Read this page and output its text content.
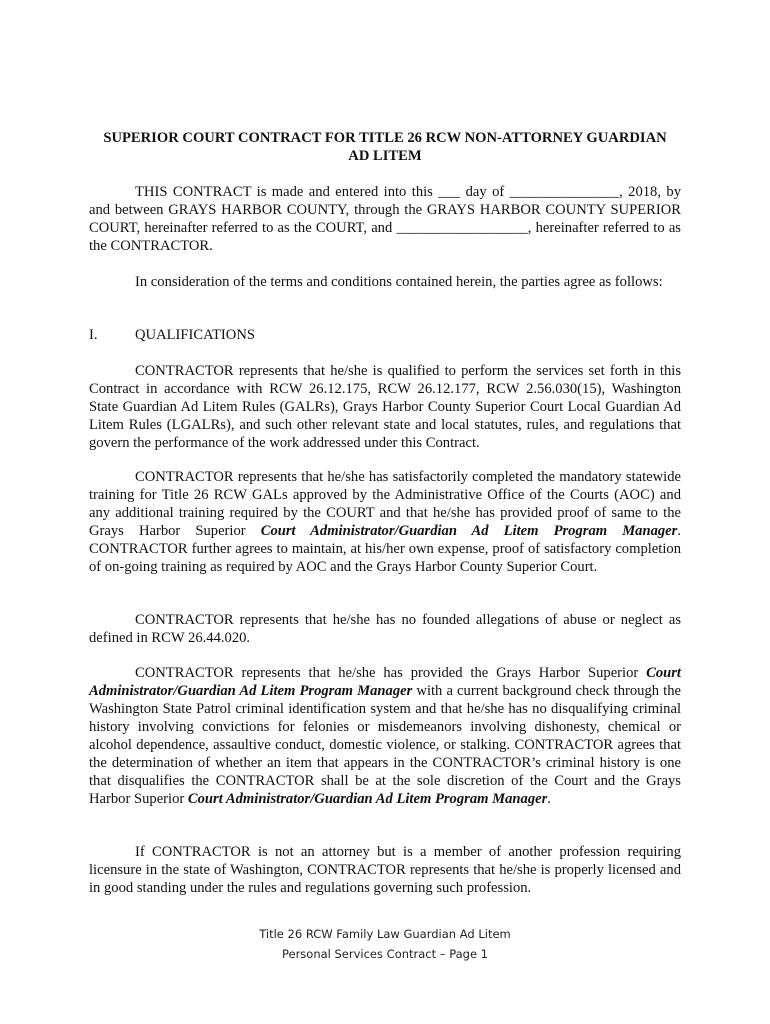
SUPERIOR COURT CONTRACT FOR TITLE 26 RCW NON-ATTORNEY GUARDIAN
AD LITEM

THIS CONTRACT is made and entered into this ___ day of _______________, 2018, by and between GRAYS HARBOR COUNTY, through the GRAYS HARBOR COUNTY SUPERIOR COURT, hereinafter referred to as the COURT, and __________________, hereinafter referred to as the CONTRACTOR.

In consideration of the terms and conditions contained herein, the parties agree as follows:

I.	QUALIFICATIONS

CONTRACTOR represents that he/she is qualified to perform the services set forth in this Contract in accordance with RCW 26.12.175, RCW 26.12.177, RCW 2.56.030(15), Washington State Guardian Ad Litem Rules (GALRs), Grays Harbor County Superior Court Local Guardian Ad Litem Rules (LGALRs), and such other relevant state and local statutes, rules, and regulations that govern the performance of the work addressed under this Contract.

CONTRACTOR represents that he/she has satisfactorily completed the mandatory statewide training for Title 26 RCW GALs approved by the Administrative Office of the Courts (AOC) and any additional training required by the COURT and that he/she has provided proof of same to the Grays Harbor Superior Court Administrator/Guardian Ad Litem Program Manager. CONTRACTOR further agrees to maintain, at his/her own expense, proof of satisfactory completion of on-going training as required by AOC and the Grays Harbor County Superior Court.

CONTRACTOR represents that he/she has no founded allegations of abuse or neglect as defined in RCW 26.44.020.

CONTRACTOR represents that he/she has provided the Grays Harbor Superior Court Administrator/Guardian Ad Litem Program Manager with a current background check through the Washington State Patrol criminal identification system and that he/she has no disqualifying criminal history involving convictions for felonies or misdemeanors involving dishonesty, chemical or alcohol dependence, assaultive conduct, domestic violence, or stalking. CONTRACTOR agrees that the determination of whether an item that appears in the CONTRACTOR’s criminal history is one that disqualifies the CONTRACTOR shall be at the sole discretion of the Court and the Grays Harbor Superior Court Administrator/Guardian Ad Litem Program Manager.

If CONTRACTOR is not an attorney but is a member of another profession requiring licensure in the state of Washington, CONTRACTOR represents that he/she is properly licensed and in good standing under the rules and regulations governing such profession.

Title 26 RCW Family Law Guardian Ad Litem
Personal Services Contract – Page 1
